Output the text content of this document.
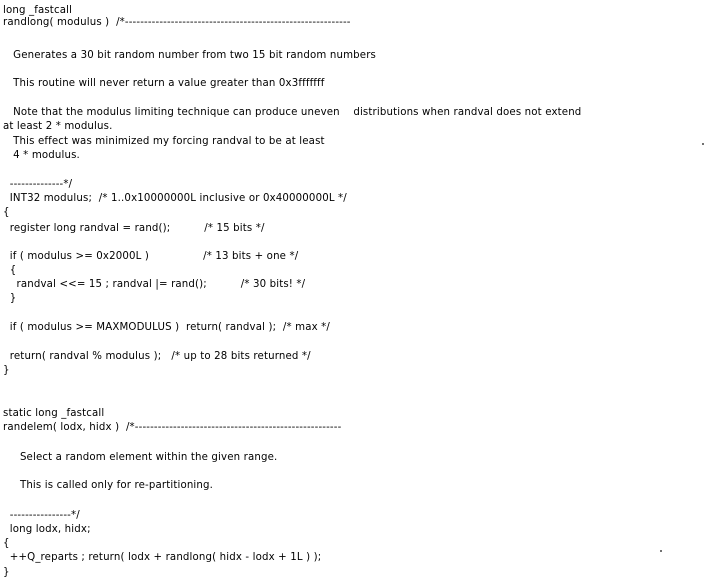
long _fastcall
randlong( modulus )  /*-----------------------------------------------------------
Generates a 30 bit random number from two 15 bit random numbers
This routine will never return a value greater than 0x3fffffff
Note that the modulus limiting technique can produce uneven    distributions when randval does not extend
at least 2 * modulus.
This effect was minimized my forcing randval to be at least
4 * modulus.
--------------*/
INT32 modulus;  /* 1..0x10000000L inclusive or 0x40000000L */
{
register long randval = rand();          /* 15 bits */
if ( modulus >= 0x2000L )                /* 13 bits + one */
{
randval <<= 15 ; randval |= rand();          /* 30 bits! */
}
if ( modulus >= MAXMODULUS )  return( randval );  /* max */
return( randval % modulus );   /* up to 28 bits returned */
}
static long _fastcall
randelem( lodx, hidx )  /*------------------------------------------------------
Select a random element within the given range.
This is called only for re-partitioning.
----------------*/
long lodx, hidx;
{
++Q_reparts ; return( lodx + randlong( hidx - lodx + 1L ) );
}
